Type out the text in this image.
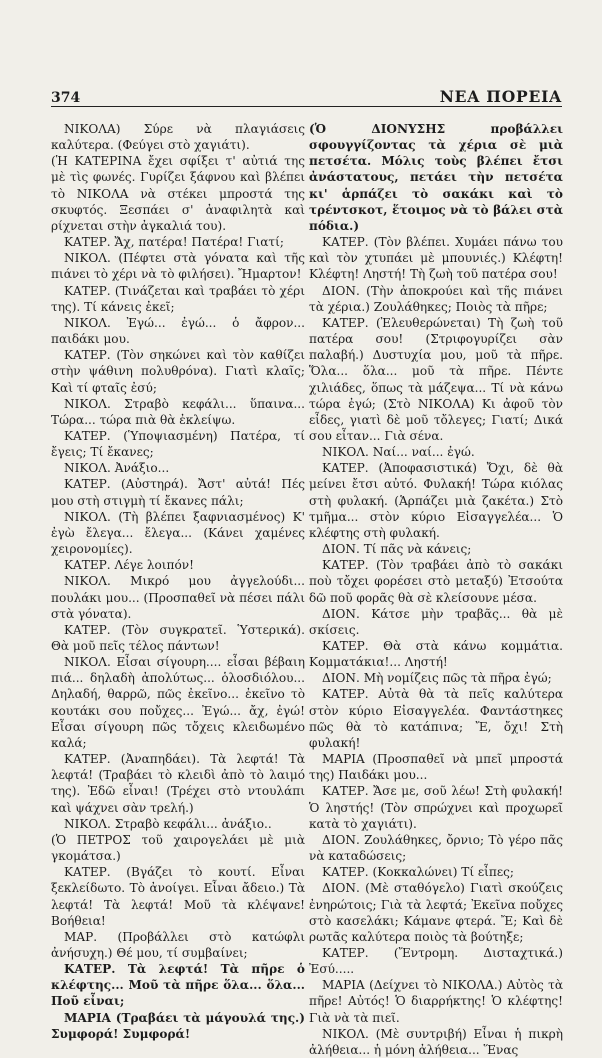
374	ΝΕΑ ΠΟΡΕΙΑ

ΝΙΚΟΛΑ) Σύρε νὰ πλαγιάσεις καλύτερα. (Φεύγει στὸ χαγιάτι).

(Ἡ ΚΑΤΕΡΙΝΑ ἔχει σφίξει τ' αὐτιά της μὲ τὶς φωνές. Γυρίζει ξάφνου καὶ βλέπει τὸ ΝΙΚΟΛΑ νὰ στέκει μπροστά της σκυφτός. Ξεσπάει σ' ἀναφιλητὰ καὶ ρίχνεται στὴν ἀγκαλιά του).

ΚΑΤΕΡ. Ἄχ, πατέρα! Πατέρα! Γιατί;

ΝΙΚΟΛ. (Πέφτει στὰ γόνατα καὶ τῆς πιάνει τὸ χέρι νὰ τὸ φιλήσει). Ἤμαρτον!

ΚΑΤΕΡ. (Τινάζεται καὶ τραβάει τὸ χέρι της). Τί κάνεις ἐκεῖ;

ΝΙΚΟΛ. Ἐγώ... ἐγώ... ὁ ἄφρον... παιδάκι μου.

ΚΑΤΕΡ. (Τὸν σηκώνει καὶ τὸν καθίζει στὴν ψάθινη πολυθρόνα). Γιατὶ κλαῖς; Καὶ τί φταῖς ἐσύ;

ΝΙΚΟΛ. Στραβὸ κεφάλι... ὕπαινα... Τώρα... τώρα πιὰ θὰ ἐκλείψω.

ΚΑΤΕΡ. (Ὑποψιασμένη) Πατέρα, τί ἔγεις; Τί ἔκανες;

ΝΙΚΟΛ. Ἀνάξιο...

ΚΑΤΕΡ. (Αὐστηρά). Ἄστ' αὐτά! Πές μου στὴ στιγμὴ τί ἔκανες πάλι;

ΝΙΚΟΛ. (Τὴ βλέπει ξαφνιασμένος) Κ' ἐγὼ ἔλεγα... ἔλεγα... (Κάνει χαμένες χειρονομίες).

ΚΑΤΕΡ. Λέγε λοιπόν!

ΝΙΚΟΛ. Μικρό μου ἀγγελούδι... πουλάκι μου... (Προσπαθεῖ νὰ πέσει πάλι στὰ γόνατα).

ΚΑΤΕΡ. (Τὸν συγκρατεῖ. Ὑστερικά). Θὰ μοῦ πεῖς τέλος πάντων!

ΝΙΚΟΛ. Εἶσαι σίγουρη.... εἶσαι βέβαιη πιά... δηλαδὴ ἀπολύτως... ὁλοσδιόλου... Δηλαδή, θαρρῶ, πῶς ἐκεῖνο... ἐκεῖνο τὸ κουτάκι σου ποὔχες... Ἐγώ... ἄχ, ἐγώ! Εἶσαι σίγουρη πῶς τὄχεις κλειδωμένο καλά;

ΚΑΤΕΡ. (Ἀναπηδάει). Τὰ λεφτά! Τὰ λεφτά! (Τραβάει τὸ κλειδὶ ἀπὸ τὸ λαιμό της). Ἐδῶ εἶναι! (Τρέχει στὸ ντουλάπι καὶ ψάχνει σὰν τρελή.)

ΝΙΚΟΛ. Στραβὸ κεφάλι... ἀνάξιο..

(Ὁ ΠΕΤΡΟΣ τοῦ χαιρογελάει μὲ μιὰ γκομάτσα.)

ΚΑΤΕΡ. (Βγάζει τὸ κουτί. Εἶναι ξεκλείδωτο. Τὸ ἀνοίγει. Εἶναι ἄδειο.) Τὰ λεφτά! Τὰ λεφτά! Μοῦ τὰ κλέψανε! Βοήθεια!

ΜΑΡ. (Προβάλλει στὸ κατώφλι ἀνήσυχη.) Θέ μου, τί συμβαίνει;

ΚΑΤΕΡ. Τὰ λεφτά! Τὰ πῆρε ὁ κλέφτης... Μοῦ τὰ πῆρε ὅλα... ὅλα... Ποῦ εἶναι;

ΜΑΡΙΑ (Τραβάει τὰ μάγουλά της.) Συμφορά! Συμφορά!

(Ὁ ΔΙΟΝΥΣΗΣ προβάλλει σφουγγίζοντας τὰ χέρια σὲ μιὰ πετσέτα. Μόλις τοὺς βλέπει ἔτσι ἀνάστατους, πετάει τὴν πετσέτα κι' ἁρπάζει τὸ σακάκι καὶ τὸ τρέντσκοτ, ἕτοιμος νὰ τὸ βάλει στὰ πόδια.)

ΚΑΤΕΡ. (Τὸν βλέπει. Χυμάει πάνω του καὶ τὸν χτυπάει μὲ μπουνιές.) Κλέφτη! Κλέφτη! Ληστή! Τὴ ζωὴ τοῦ πατέρα σου!

ΔΙΟΝ. (Τὴν ἀποκρούει καὶ τῆς πιάνει τὰ χέρια.) Ζουλάθηκες; Ποιὸς τὰ πῆρε;

ΚΑΤΕΡ. (Ἐλευθερώνεται) Τὴ ζωὴ τοῦ πατέρα σου! (Στριφογυρίζει σὰν παλαβή.) Δυστυχία μου, μοῦ τὰ πῆρε. Ὅλα... ὅλα... μοῦ τὰ πῆρε. Πέντε χιλιάδες, ὅπως τὰ μάζεψα... Τί νὰ κάνω τώρα ἐγώ; (Στὸ ΝΙΚΟΛΑ) Κι ἀφοῦ τὸν εἶδες, γιατὶ δὲ μοῦ τὄλεγες; Γιατί; Δικά σου εἶταν... Γιὰ σένα.

ΝΙΚΟΛ. Ναί... ναί... ἐγώ.

ΚΑΤΕΡ. (Ἀποφασιστικά) Ὄχι, δὲ θὰ μείνει ἔτσι αὐτό. Φυλακή! Τώρα κιόλας στὴ φυλακή. (Ἁρπάζει μιὰ ζακέτα.) Στὸ τμῆμα... στὸν κύριο Εἰσαγγελέα... Ὁ κλέφτης στὴ φυλακή.

ΔΙΟΝ. Τί πᾶς νὰ κάνεις;

ΚΑΤΕΡ. (Τὸν τραβάει ἀπὸ τὸ σακάκι ποὺ τὄχει φορέσει στὸ μεταξύ) Ἐτσούτα δῶ ποῦ φορᾶς θὰ σὲ κλείσουνε μέσα.

ΔΙΟΝ. Κάτσε μὴν τραβᾶς... θὰ μὲ σκίσεις.

ΚΑΤΕΡ. Θὰ στὰ κάνω κομμάτια. Κομματάκια!... Ληστή!

ΔΙΟΝ. Μὴ νομίζεις πῶς τὰ πῆρα ἐγώ;

ΚΑΤΕΡ. Αὐτὰ θὰ τὰ πεῖς καλύτερα στὸν κύριο Εἰσαγγελέα. Φαντάστηκες πῶς θὰ τὸ κατάπινα; Ἔ, ὄχι! Στὴ φυλακή!

ΜΑΡΙΑ (Προσπαθεῖ νὰ μπεῖ μπροστά της) Παιδάκι μου...

ΚΑΤΕΡ. Ἄσε με, σοῦ λέω! Στὴ φυλακή! Ὁ ληστής! (Τὸν σπρώχνει καὶ προχωρεῖ κατὰ τὸ χαγιάτι).

ΔΙΟΝ. Ζουλάθηκες, ὄρνιο; Τὸ γέρο πᾶς νὰ καταδώσεις;

ΚΑΤΕΡ. (Κοκκαλώνει) Τί εἶπες;

ΔΙΟΝ. (Μὲ σταθόγελο) Γιατὶ σκούζεις ἐνηρώτοις; Γιὰ τὰ λεφτά; Ἐκεῖνα ποὔχες στὸ κασελάκι; Κάμανε φτερά. Ἔ; Καὶ δὲ ρωτᾶς καλύτερα ποιὸς τὰ βούτηξε;

ΚΑΤΕΡ. (Ἔντρομη. Δισταχτικά.) Ἐσύ.....

ΜΑΡΙΑ (Δείχνει τὸ ΝΙΚΟΛΑ.) Αὐτὸς τὰ πῆρε! Αὐτός! Ὁ διαρρήκτης! Ὁ κλέφτης! Γιὰ νὰ τὰ πιεῖ.

ΝΙΚΟΛ. (Μὲ συντριβή) Εἶναι ἡ πικρὴ ἀλήθεια... ἡ μόνη ἀλήθεια... Ἕνας
